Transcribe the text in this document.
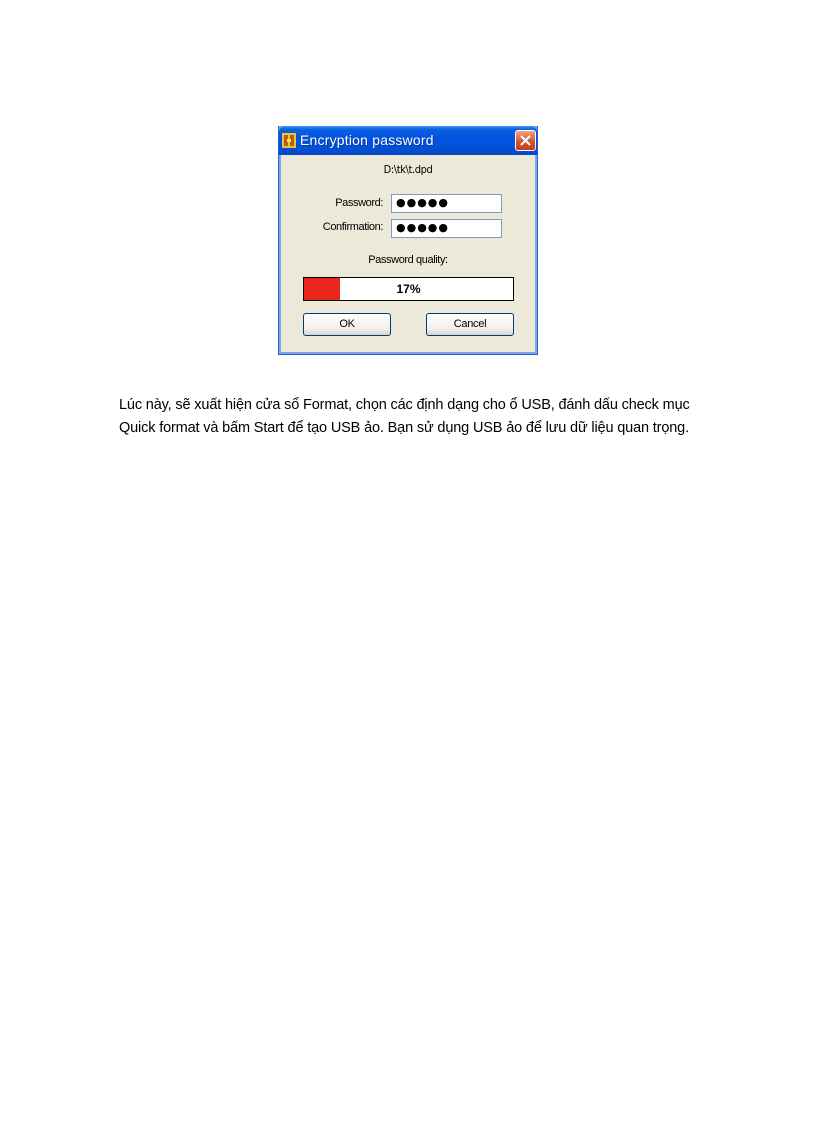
Encryption password
D:\tk\t.dpd
Password:	●●●●●
Confirmation:	●●●●●
Password quality:
17%
OK	Cancel

Lúc này, sẽ xuất hiện cửa sổ Format, chọn các định dạng cho ổ USB, đánh dấu check mục Quick format và bấm Start để tạo USB ảo. Bạn sử dụng USB ảo để lưu dữ liệu quan trọng.
